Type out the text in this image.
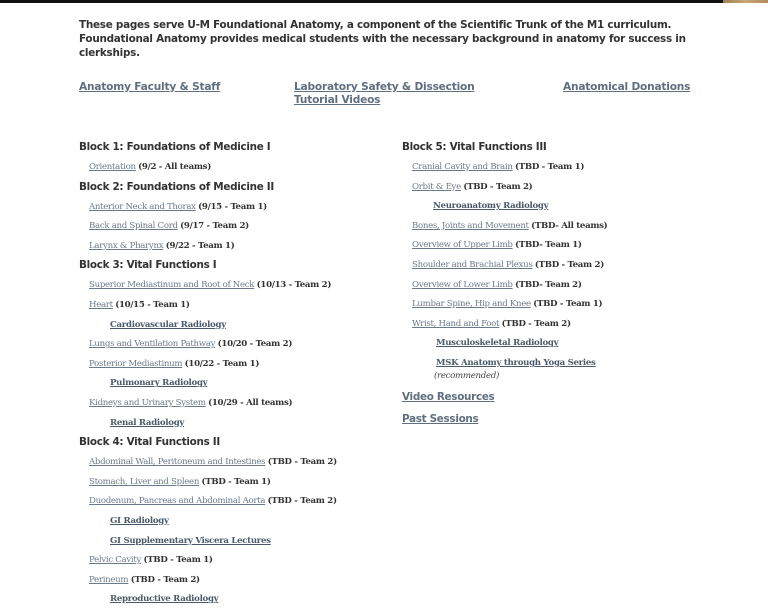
These pages serve U-M Foundational Anatomy, a component of the Scientific Trunk of the M1 curriculum. Foundational Anatomy provides medical students with the necessary background in anatomy for success in clerkships.

Anatomy Faculty & Staff	Laboratory Safety & Dissection Tutorial Videos
Anatomical Donations
Block 1: Foundations of Medicine I
Orientation (9/2 - All teams)
Block 2: Foundations of Medicine II
Anterior Neck and Thorax (9/15 - Team 1)
Back and Spinal Cord (9/17 - Team 2)
Larynx & Pharynx (9/22 - Team 1)
Block 3: Vital Functions I
Superior Mediastinum and Root of Neck (10/13 - Team 2)
Heart (10/15 - Team 1)
Cardiovascular Radiology
Lungs and Ventilation Pathway (10/20 - Team 2)
Posterior Mediastinum (10/22 - Team 1)
Pulmonary Radiology
Kidneys and Urinary System (10/29 - All teams)
Renal Radiology
Block 4: Vital Functions II
Abdominal Wall, Peritoneum and Intestines (TBD - Team 2)
Stomach, Liver and Spleen (TBD - Team 1)
Duodenum, Pancreas and Abdominal Aorta (TBD - Team 2)
GI Radiology
GI Supplementary Viscera Lectures
Pelvic Cavity (TBD - Team 1)
Perineum (TBD - Team 2)
Reproductive Radiology
Block 5: Vital Functions III
Cranial Cavity and Brain (TBD - Team 1)
Orbit & Eye (TBD - Team 2)
Neuroanatomy Radiology
Bones, Joints and Movement (TBD- All teams)
Overview of Upper Limb (TBD- Team 1)
Shoulder and Brachial Plexus (TBD - Team 2)
Overview of Lower Limb (TBD- Team 2)
Lumbar Spine, Hip and Knee (TBD - Team 1)
Wrist, Hand and Foot (TBD - Team 2)
Musculoskeletal Radiology
MSK Anatomy through Yoga Series
(recommended)
Video Resources
Past Sessions
